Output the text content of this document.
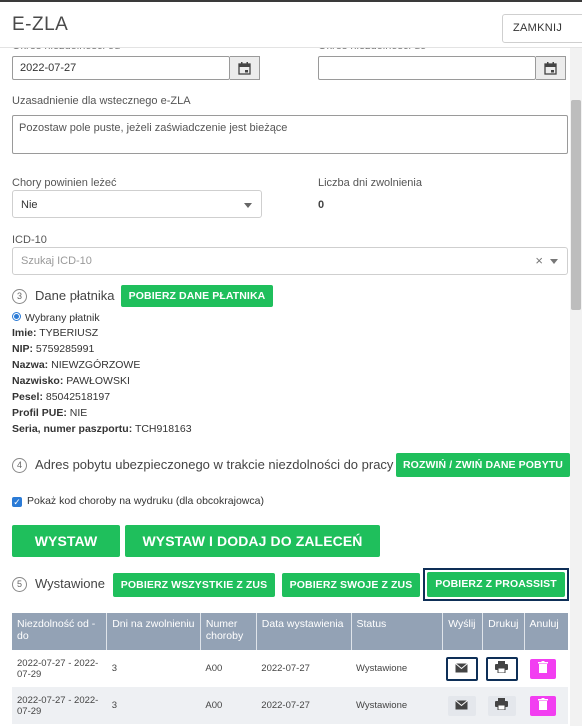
E-ZLA	ZAMKNIJ
2022-07-27
Uzasadnienie dla wstecznego e-ZLA
Pozostaw pole puste, jeżeli zaświadczenie jest bieżące
Chory powinien leżeć
Nie
Liczba dni zwolnienia
0
ICD-10
Szukaj ICD-10	×
3	Dane płatnika	POBIERZ DANE PŁATNIKA
Wybrany płatnik
Imie: TYBERIUSZ
NIP: 5759285991
Nazwa: NIEWZGÓRZOWE
Nazwisko: PAWŁOWSKI
Pesel: 85042518197
Profil PUE: NIE
Seria, numer paszportu: TCH918163
4	Adres pobytu ubezpieczonego w trakcie niezdolności do pracy ROZWIŃ / ZWIŃ DANE POBYTU
✓ Pokaż kod choroby na wydruku (dla obcokrajowca)
WYSTAW	WYSTAW I DODAJ DO ZALECEŃ
5	Wystawione	POBIERZ WSZYSTKIE Z ZUS	POBIERZ SWOJE Z ZUS	POBIERZ Z PROASSIST
Niezdolność od - do	Dni na zwolnieniu	Numer choroby	Data wystawienia	Status	Wyślij	Drukuj	Anuluj
2022-07-27 - 2022-07-29	3	A00	2022-07-27	Wystawione			
2022-07-27 - 2022-07-29	3	A00	2022-07-27	Wystawione			
